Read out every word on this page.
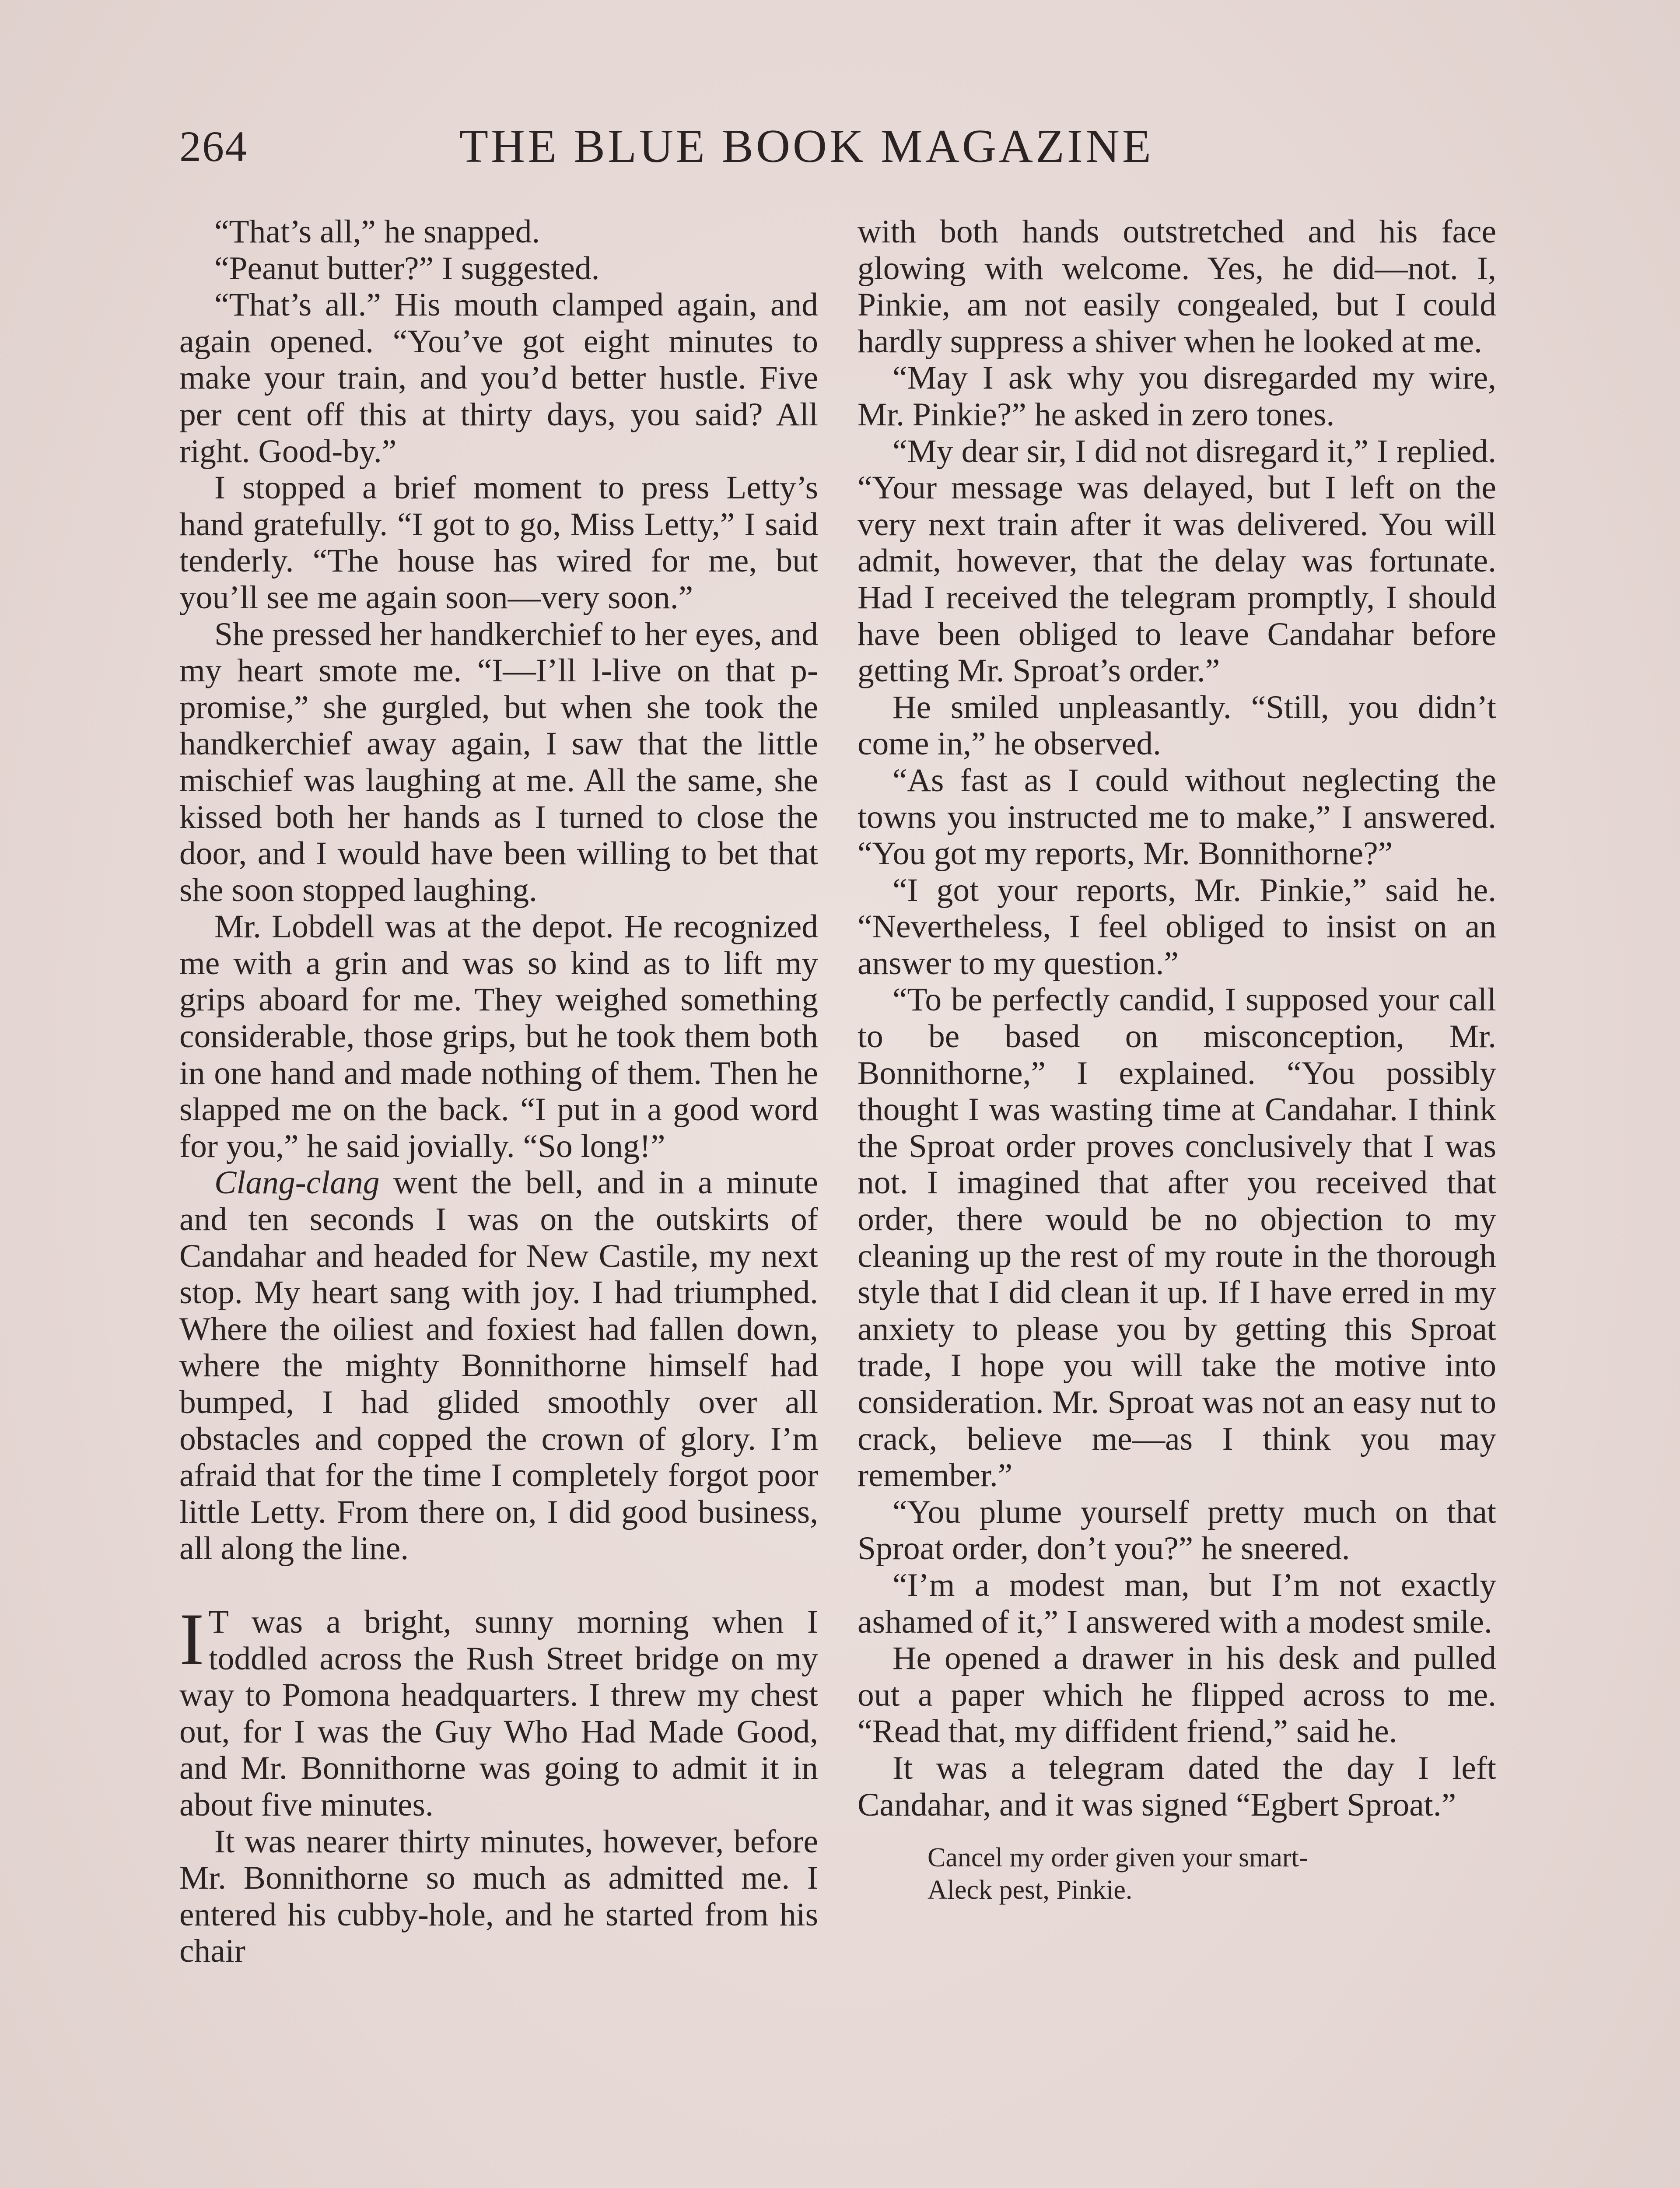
264	THE BLUE BOOK MAGAZINE

“That’s all,” he snapped.

“Peanut butter?” I suggested.

“That’s all.” His mouth clamped again, and again opened. “You’ve got eight minutes to make your train, and you’d better hustle. Five per cent off this at thirty days, you said? All right. Good-by.”

I stopped a brief moment to press Letty’s hand gratefully. “I got to go, Miss Letty,” I said tenderly. “The house has wired for me, but you’ll see me again soon—very soon.”

She pressed her handkerchief to her eyes, and my heart smote me. “I—I’ll l-live on that p-promise,” she gurgled, but when she took the handkerchief away again, I saw that the little mischief was laughing at me. All the same, she kissed both her hands as I turned to close the door, and I would have been willing to bet that she soon stopped laughing.

Mr. Lobdell was at the depot. He recognized me with a grin and was so kind as to lift my grips aboard for me. They weighed something considerable, those grips, but he took them both in one hand and made nothing of them. Then he slapped me on the back. “I put in a good word for you,” he said jovially. “So long!”

Clang-clang went the bell, and in a minute and ten seconds I was on the outskirts of Candahar and headed for New Castile, my next stop. My heart sang with joy. I had triumphed. Where the oiliest and foxiest had fallen down, where the mighty Bonnithorne himself had bumped, I had glided smoothly over all obstacles and copped the crown of glory. I’m afraid that for the time I completely forgot poor little Letty. From there on, I did good business, all along the line.

I T was a bright, sunny morning when I toddled across the Rush Street bridge on my way to Pomona headquarters. I threw my chest out, for I was the Guy Who Had Made Good, and Mr. Bonnithorne was going to admit it in about five minutes.

It was nearer thirty minutes, however, before Mr. Bonnithorne so much as admitted me. I entered his cubby-hole, and he started from his chair

with both hands outstretched and his face glowing with welcome. Yes, he did—not. I, Pinkie, am not easily congealed, but I could hardly suppress a shiver when he looked at me.

“May I ask why you disregarded my wire, Mr. Pinkie?” he asked in zero tones.

“My dear sir, I did not disregard it,” I replied. “Your message was delayed, but I left on the very next train after it was delivered. You will admit, however, that the delay was fortunate. Had I received the telegram promptly, I should have been obliged to leave Candahar before getting Mr. Sproat’s order.”

He smiled unpleasantly. “Still, you didn’t come in,” he observed.

“As fast as I could without neglecting the towns you instructed me to make,” I answered. “You got my reports, Mr. Bonnithorne?”

“I got your reports, Mr. Pinkie,” said he. “Nevertheless, I feel obliged to insist on an answer to my question.”

“To be perfectly candid, I supposed your call to be based on misconception, Mr. Bonnithorne,” I explained. “You possibly thought I was wasting time at Candahar. I think the Sproat order proves conclusively that I was not. I imagined that after you received that order, there would be no objection to my cleaning up the rest of my route in the thorough style that I did clean it up. If I have erred in my anxiety to please you by getting this Sproat trade, I hope you will take the motive into consideration. Mr. Sproat was not an easy nut to crack, believe me—as I think you may remember.”

“You plume yourself pretty much on that Sproat order, don’t you?” he sneered.

“I’m a modest man, but I’m not exactly ashamed of it,” I answered with a modest smile.

He opened a drawer in his desk and pulled out a paper which he flipped across to me. “Read that, my diffident friend,” said he.

It was a telegram dated the day I left Candahar, and it was signed “Egbert Sproat.”

Cancel my order given your smart-
Aleck pest, Pinkie.
